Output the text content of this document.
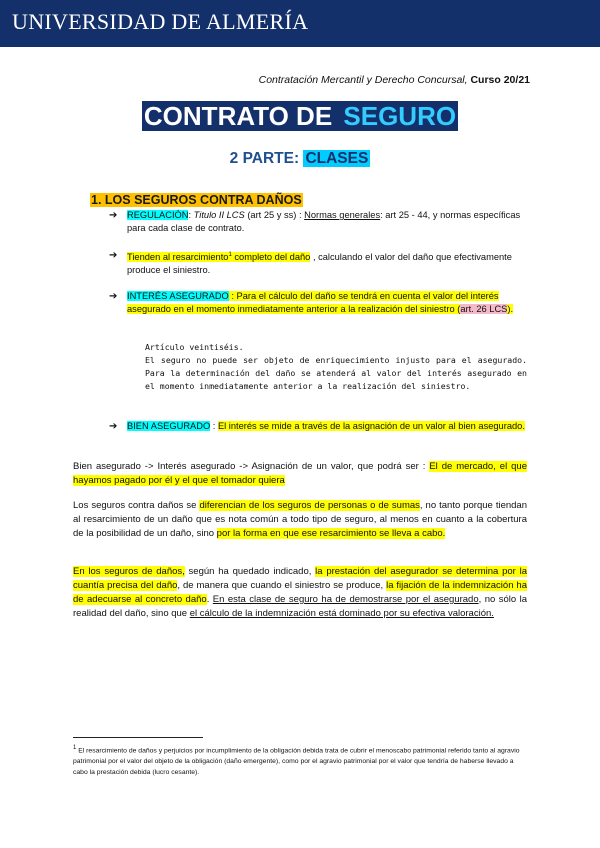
UNIVERSIDAD DE ALMERÍA
Contratación Mercantil y Derecho Concursal, Curso 20/21
CONTRATO DE SEGURO
2 PARTE: CLASES
1. LOS SEGUROS CONTRA DAÑOS
➔ REGULACIÓN: Titulo II LCS (art 25 y ss) : Normas generales: art 25 - 44, y normas específicas para cada clase de contrato.
➔ Tienden al resarcimiento$^1$ completo del daño , calculando el valor del daño que efectivamente produce el siniestro.
➔ INTERÉS ASEGURADO : Para el cálculo del daño se tendrá en cuenta el valor del interés asegurado en el momento inmediatamente anterior a la realización del siniestro (art. 26 LCS).
Artículo veintiséis.
El seguro no puede ser objeto de enriquecimiento injusto para el asegurado. Para la determinación del daño se atenderá al valor del interés asegurado en el momento inmediatamente anterior a la realización del siniestro.
➔ BIEN ASEGURADO : El interés se mide a través de la asignación de un valor al bien asegurado.
Bien asegurado -> Interés asegurado -> Asignación de un valor, que podrá ser : El de mercado, el que hayamos pagado por él y el que el tomador quiera
Los seguros contra daños se diferencian de los seguros de personas o de sumas, no tanto porque tiendan al resarcimiento de un daño que es nota común a todo tipo de seguro, al menos en cuanto a la cobertura de la posibilidad de un daño, sino por la forma en que ese resarcimiento se lleva a cabo.
En los seguros de daños, según ha quedado indicado, la prestación del asegurador se determina por la cuantía precisa del daño, de manera que cuando el siniestro se produce, la fijación de la indemnización ha de adecuarse al concreto daño. En esta clase de seguro ha de demostrarse por el asegurado, no sólo la realidad del daño, sino que el cálculo de la indemnización está dominado por su efectiva valoración.
$^1$ El resarcimiento de daños y perjuicios por incumplimiento de la obligación debida trata de cubrir el menoscabo patrimonial referido tanto al agravio patrimonial por el valor del objeto de la obligación (daño emergente), como por el agravio patrimonial por el valor que tendría de haberse llevado a cabo la prestación debida (lucro cesante).
